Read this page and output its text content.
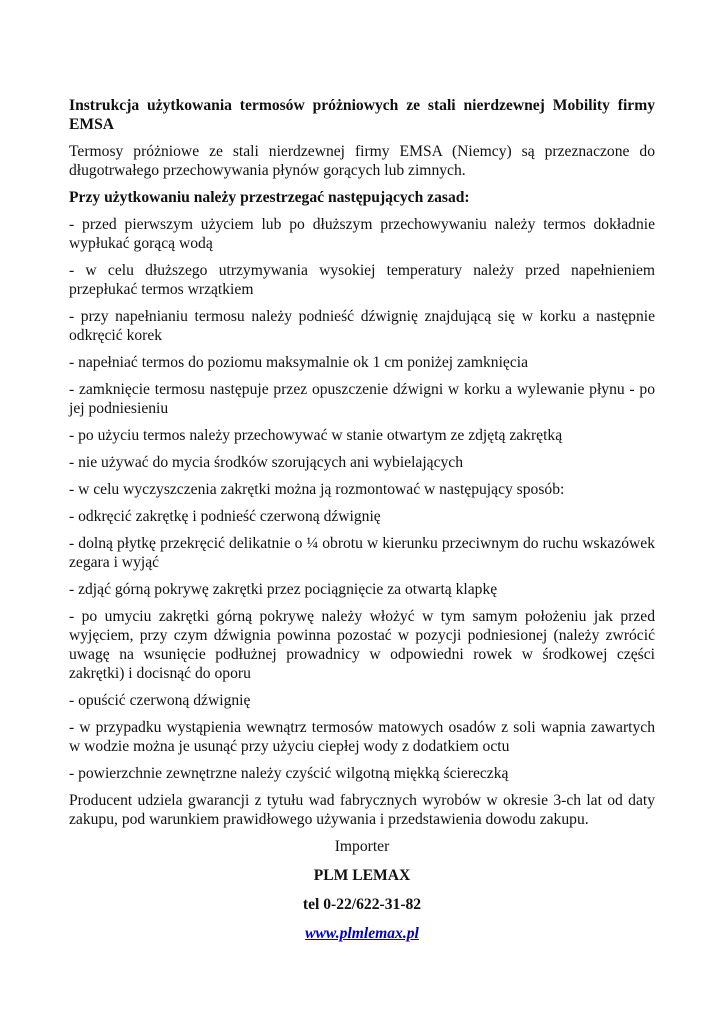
Instrukcja użytkowania termosów próżniowych ze stali nierdzewnej Mobility firmy EMSA

Termosy próżniowe ze stali nierdzewnej firmy EMSA (Niemcy) są przeznaczone do długotrwałego przechowywania płynów gorących lub zimnych.

Przy użytkowaniu należy przestrzegać następujących zasad:

- przed pierwszym użyciem lub po dłuższym przechowywaniu należy termos dokładnie wypłukać gorącą wodą

- w celu dłuższego utrzymywania wysokiej temperatury należy przed napełnieniem przepłukać termos wrzątkiem

- przy napełnianiu termosu należy podnieść dźwignię znajdującą się w korku a następnie odkręcić korek

- napełniać termos do poziomu maksymalnie ok 1 cm poniżej zamknięcia

- zamknięcie termosu następuje przez opuszczenie dźwigni w korku a wylewanie płynu - po jej podniesieniu

- po użyciu termos należy przechowywać w stanie otwartym ze zdjętą zakrętką

- nie używać do mycia środków szorujących ani wybielających

- w celu wyczyszczenia zakrętki można ją rozmontować w następujący sposób:

- odkręcić zakrętkę i podnieść czerwoną dźwignię

- dolną płytkę przekręcić delikatnie o ¼ obrotu w kierunku przeciwnym do ruchu wskazówek zegara i wyjąć

- zdjąć górną pokrywę zakrętki przez pociągnięcie za otwartą klapkę

- po umyciu zakrętki górną pokrywę należy włożyć w tym samym położeniu jak przed wyjęciem, przy czym dźwignia powinna pozostać w pozycji podniesionej (należy zwrócić uwagę na wsunięcie podłużnej prowadnicy w odpowiedni rowek w środkowej części zakrętki) i docisnąć do oporu

- opuścić czerwoną dźwignię

- w przypadku wystąpienia wewnątrz termosów matowych osadów z soli wapnia zawartych w wodzie można je usunąć przy użyciu ciepłej wody z dodatkiem octu

- powierzchnie zewnętrzne należy czyścić wilgotną miękką ściereczką

Producent udziela gwarancji z tytułu wad fabrycznych wyrobów w okresie 3-ch lat od daty zakupu, pod warunkiem prawidłowego używania i przedstawienia dowodu zakupu.

Importer

PLM LEMAX

tel 0-22/622-31-82

www.plmlemax.pl
